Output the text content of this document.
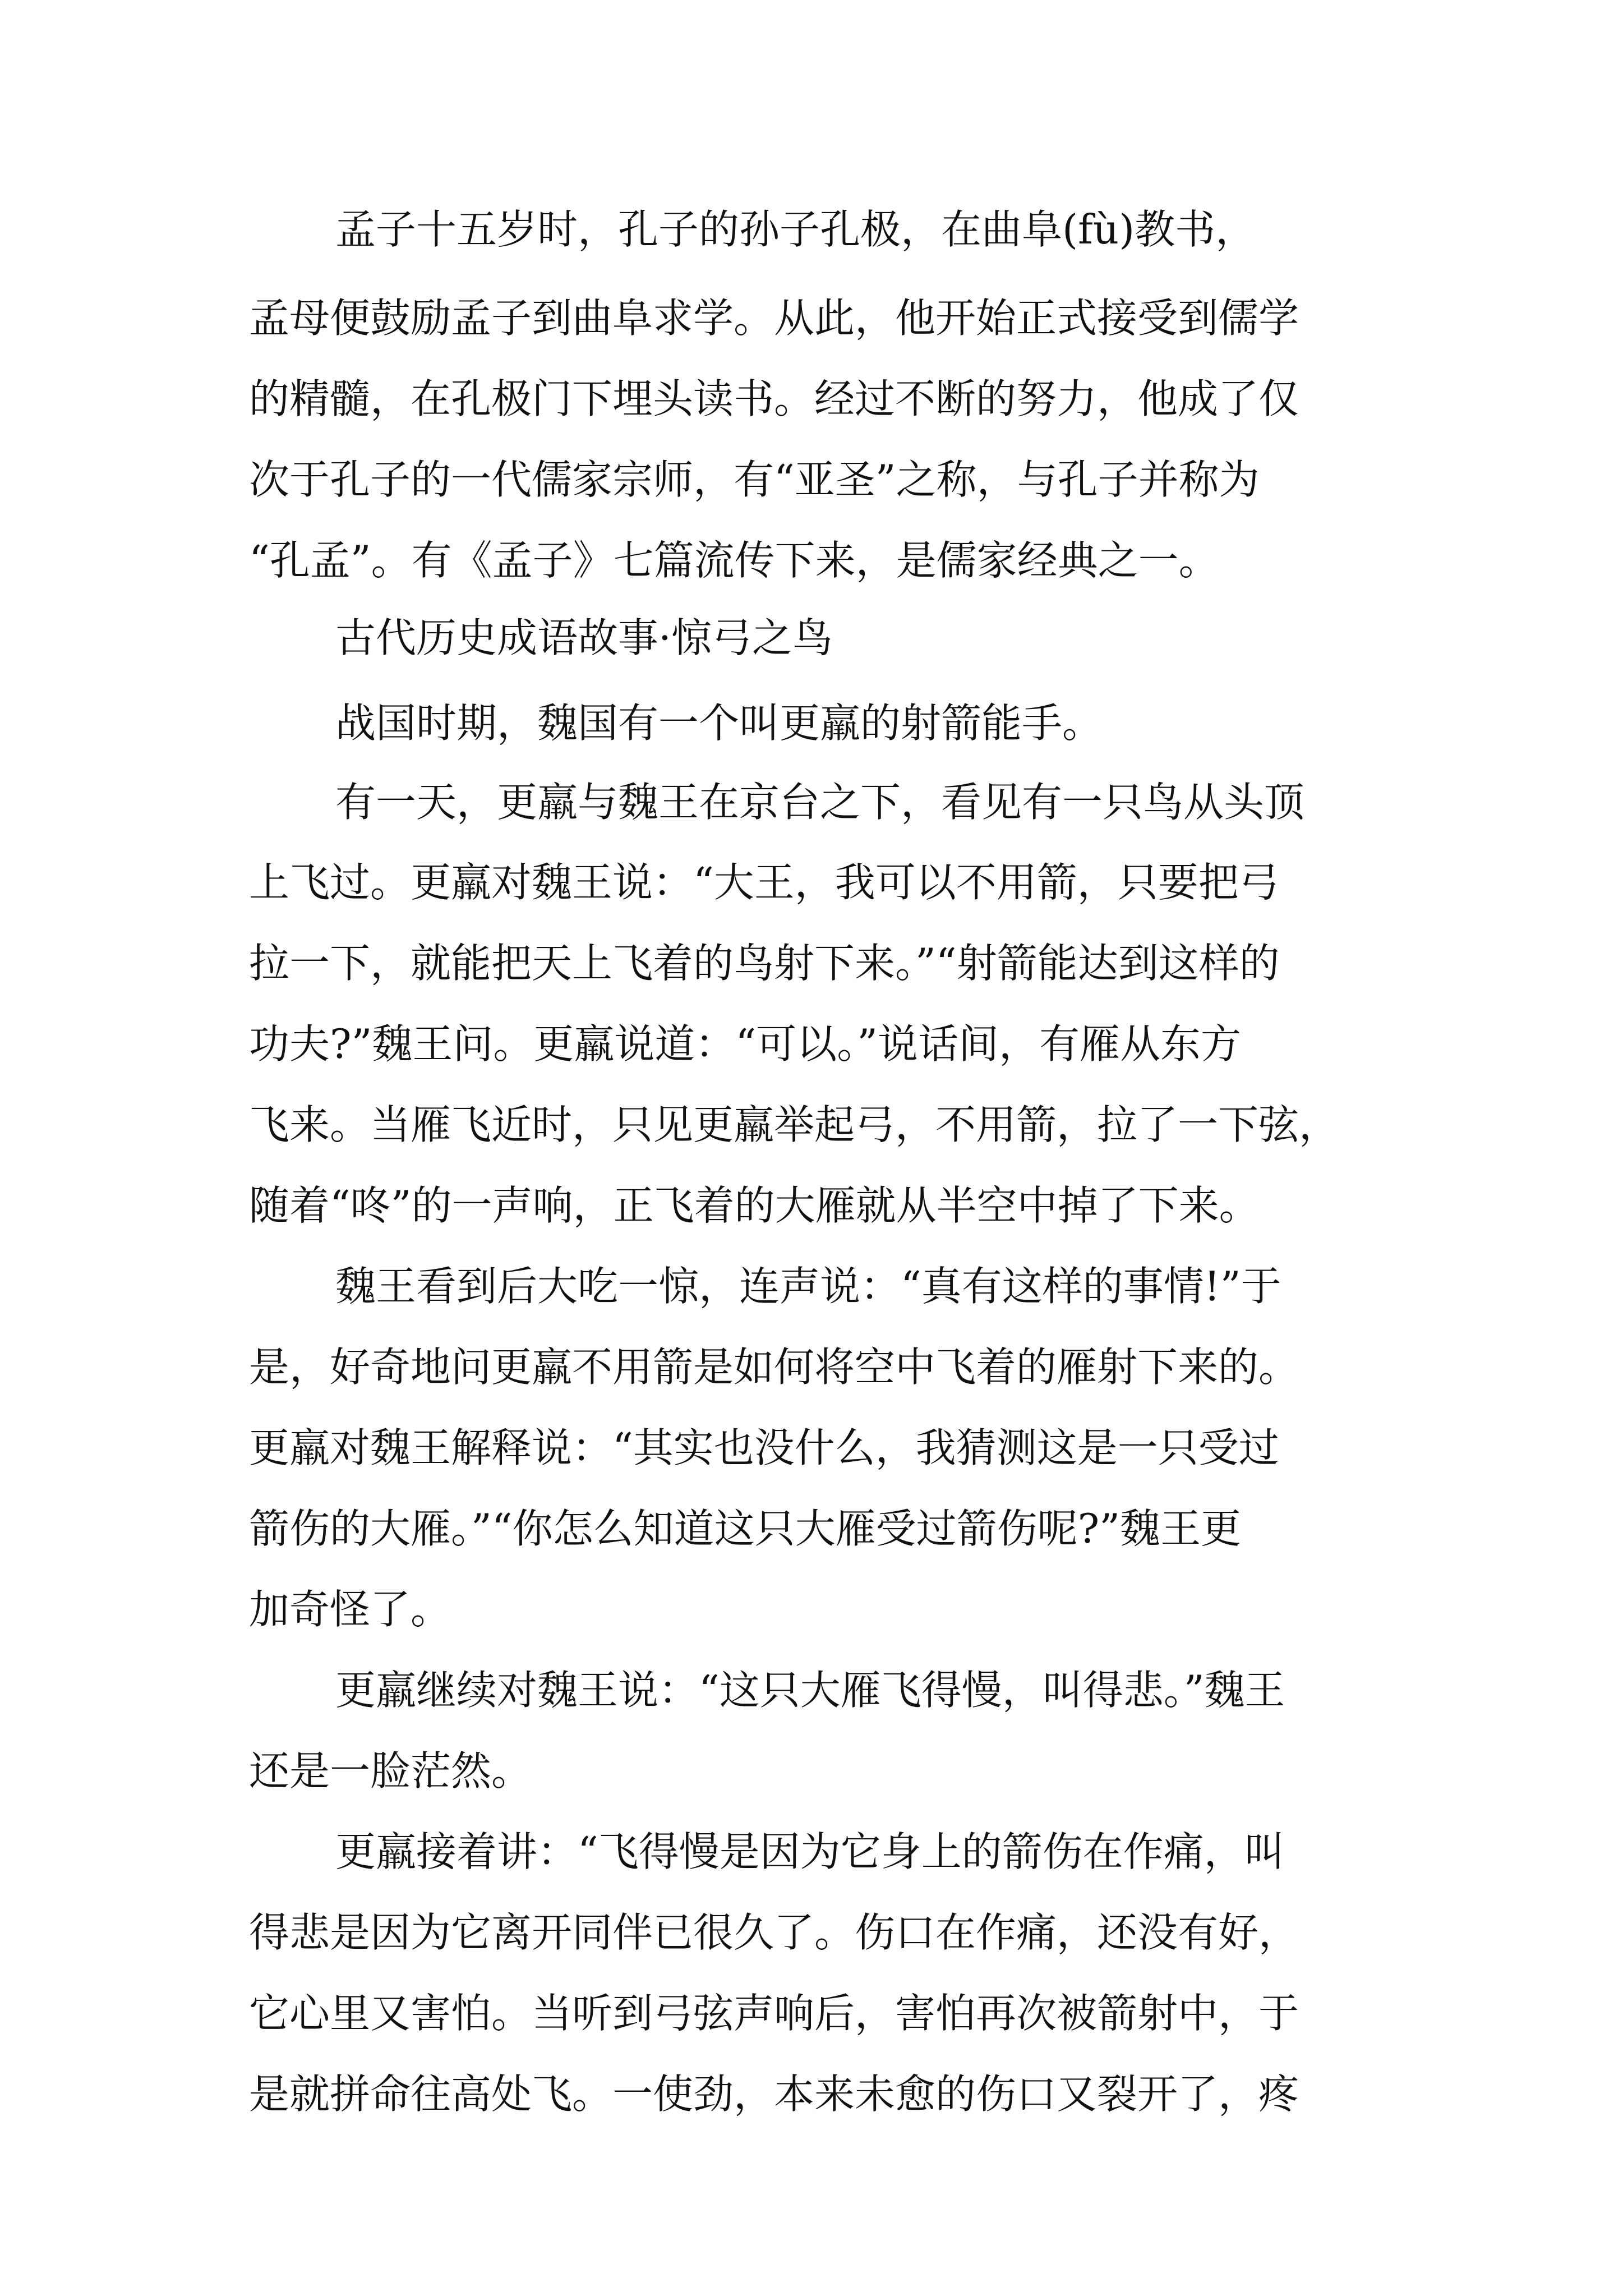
孟子十五岁时，孔子的孙子孔极，在曲阜(fù)教书，
孟母便鼓励孟子到曲阜求学。从此，他开始正式接受到儒学
的精髓，在孔极门下埋头读书。经过不断的努力，他成了仅
次于孔子的一代儒家宗师，有“亚圣”之称，与孔子并称为
“孔孟”。有《孟子》七篇流传下来，是儒家经典之一。
古代历史成语故事·惊弓之鸟
战国时期，魏国有一个叫更羸的射箭能手。
有一天，更羸与魏王在京台之下，看见有一只鸟从头顶
上飞过。更羸对魏王说：“大王，我可以不用箭，只要把弓
拉一下，就能把天上飞着的鸟射下来。”“射箭能达到这样的
功夫?”魏王问。更羸说道：“可以。”说话间，有雁从东方
飞来。当雁飞近时，只见更羸举起弓，不用箭，拉了一下弦，
随着“咚”的一声响，正飞着的大雁就从半空中掉了下来。
魏王看到后大吃一惊，连声说：“真有这样的事情!”于
是，好奇地问更羸不用箭是如何将空中飞着的雁射下来的。
更羸对魏王解释说：“其实也没什么，我猜测这是一只受过
箭伤的大雁。”“你怎么知道这只大雁受过箭伤呢?”魏王更
加奇怪了。
更羸继续对魏王说：“这只大雁飞得慢，叫得悲。”魏王
还是一脸茫然。
更羸接着讲：“飞得慢是因为它身上的箭伤在作痛，叫
得悲是因为它离开同伴已很久了。伤口在作痛，还没有好，
它心里又害怕。当听到弓弦声响后，害怕再次被箭射中，于
是就拼命往高处飞。一使劲，本来未愈的伤口又裂开了，疼
